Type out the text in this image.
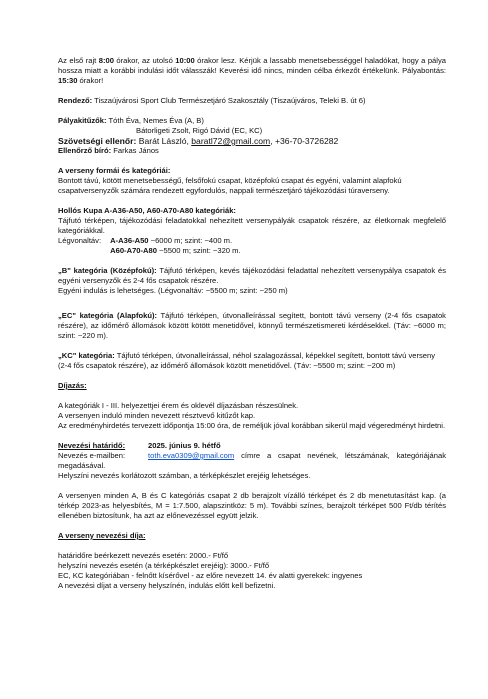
Az első rajt 8:00 órakor, az utolsó 10:00 órakor lesz. Kérjük a lassabb menetsebességgel haladókat, hogy a pálya hossza miatt a korábbi indulási időt válasszák! Keverési idő nincs, minden célba érkezőt értékelünk. Pályabontás: 15:30 órakor!

Rendező: Tiszaújvárosi Sport Club Természetjáró Szakosztály (Tiszaújváros, Teleki B. út 6)

Pályakitűzők: Tóth Éva, Nemes Éva (A, B)

Bátorligeti Zsolt, Rigó Dávid (EC, KC)

Szövetségi ellenőr: Barát László, baratl72@gmail.com, +36-70-3726282

Ellenőrző bíró: Farkas János

A verseny formái és kategóriái:

Bontott távú, kötött menetsebességű, felsőfokú csapat, középfokú csapat és egyéni, valamint alapfokú csapatversenyzők számára rendezett egyfordulós, nappali természetjáró tájékozódási túraverseny.

Hollós Kupa A-A36-A50, A60-A70-A80 kategóriák:

Tájfutó térképen, tájékozódási feladatokkal nehezített versenypályák csapatok részére, az életkornak megfelelő kategóriákkal.

Légvonaltáv: A-A36-A50 ~6000 m; szint: ~400 m.

A60-A70-A80 ~5500 m; szint: ~320 m.

„B" kategória (Középfokú): Tájfutó térképen, kevés tájékozódási feladattal nehezített versenypálya csapatok és egyéni versenyzők és 2-4 fős csapatok részére.

Egyéni indulás is lehetséges. (Légvonaltáv: ~5500 m; szint: ~250 m)

„EC" kategória (Alapfokú): Tájfutó térképen, útvonalleírással segített, bontott távú verseny (2-4 fős csapatok részére), az időmérő állomások között kötött menetidővel, könnyű természetismereti kérdésekkel. (Táv: ~6000 m; szint: ~220 m).

„KC" kategória: Tájfutó térképen, útvonalleírással, néhol szalagozással, képekkel segített, bontott távú verseny (2-4 fős csapatok részére), az időmérő állomások között menetidővel. (Táv: ~5500 m; szint: ~200 m)

Díjazás:

A kategóriák I - III. helyezettjei érem és oklevél díjazásban részesülnek.

A versenyen induló minden nevezett résztvevő kitűzőt kap.

Az eredményhirdetés tervezett időpontja 15:00 óra, de reméljük jóval korábban sikerül majd végeredményt hirdetni.

Nevezési határidő:	2025. június 9. hétfő

Nevezés e-mailben:	toth.eva0309@gmail.com címre a csapat nevének, létszámának, kategóriájának megadásával.

Helyszíni nevezés korlátozott számban, a térképkészlet erejéig lehetséges.

A versenyen minden A, B és C kategóriás csapat 2 db berajzolt vízálló térképet és 2 db menetutasítást kap. (a térkép 2023-as helyesbítés, M = 1:7.500, alapszintköz: 5 m). További színes, berajzolt térképet 500 Ft/db térítés ellenében biztosítunk, ha azt az előnevezéssel együtt jelzik.

A verseny nevezési díja:

határidőre beérkezett nevezés esetén: 2000.- Ft/fő

helyszíni nevezés esetén (a térképkészlet erejéig): 3000.- Ft/fő

EC, KC kategóriában - felnőtt kísérővel - az előre nevezett 14. év alatti gyerekek: ingyenes

A nevezési díjat a verseny helyszínén, indulás előtt kell befizetni.
